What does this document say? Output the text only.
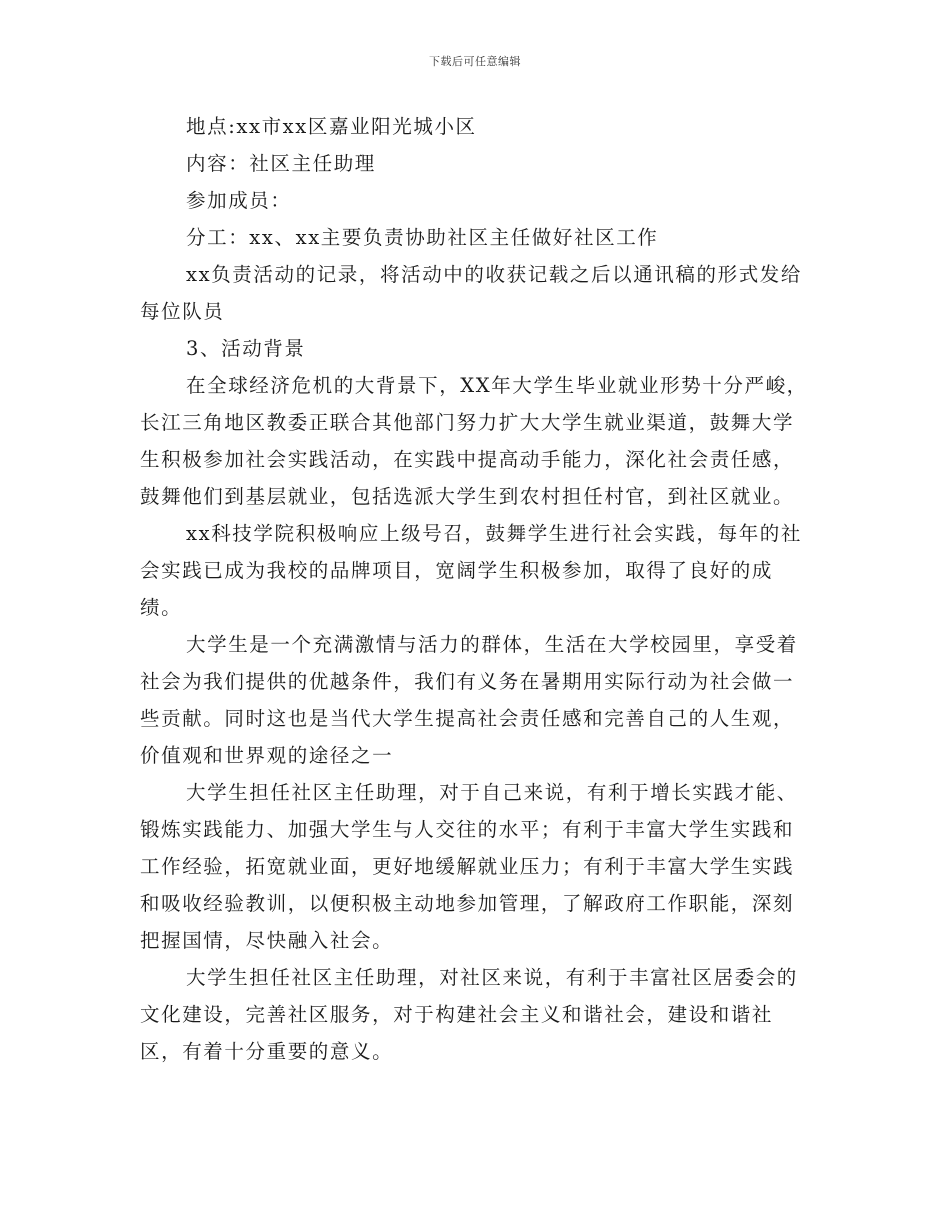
下载后可任意编辑

地点:xx市xx区嘉业阳光城小区

内容：社区主任助理

参加成员：

分工：xx、xx主要负责协助社区主任做好社区工作

xx负责活动的记录，将活动中的收获记载之后以通讯稿的形式发给每位队员

3、活动背景

在全球经济危机的大背景下，XX年大学生毕业就业形势十分严峻，长江三角地区教委正联合其他部门努力扩大大学生就业渠道，鼓舞大学生积极参加社会实践活动，在实践中提高动手能力，深化社会责任感，鼓舞他们到基层就业，包括选派大学生到农村担任村官，到社区就业。

xx科技学院积极响应上级号召，鼓舞学生进行社会实践，每年的社会实践已成为我校的品牌项目，宽阔学生积极参加，取得了良好的成绩。

大学生是一个充满激情与活力的群体，生活在大学校园里，享受着社会为我们提供的优越条件，我们有义务在暑期用实际行动为社会做一些贡献。同时这也是当代大学生提高社会责任感和完善自己的人生观，价值观和世界观的途径之一

大学生担任社区主任助理，对于自己来说，有利于增长实践才能、锻炼实践能力、加强大学生与人交往的水平；有利于丰富大学生实践和工作经验，拓宽就业面，更好地缓解就业压力；有利于丰富大学生实践和吸收经验教训，以便积极主动地参加管理，了解政府工作职能，深刻把握国情，尽快融入社会。

大学生担任社区主任助理，对社区来说，有利于丰富社区居委会的文化建设，完善社区服务，对于构建社会主义和谐社会，建设和谐社区，有着十分重要的意义。
